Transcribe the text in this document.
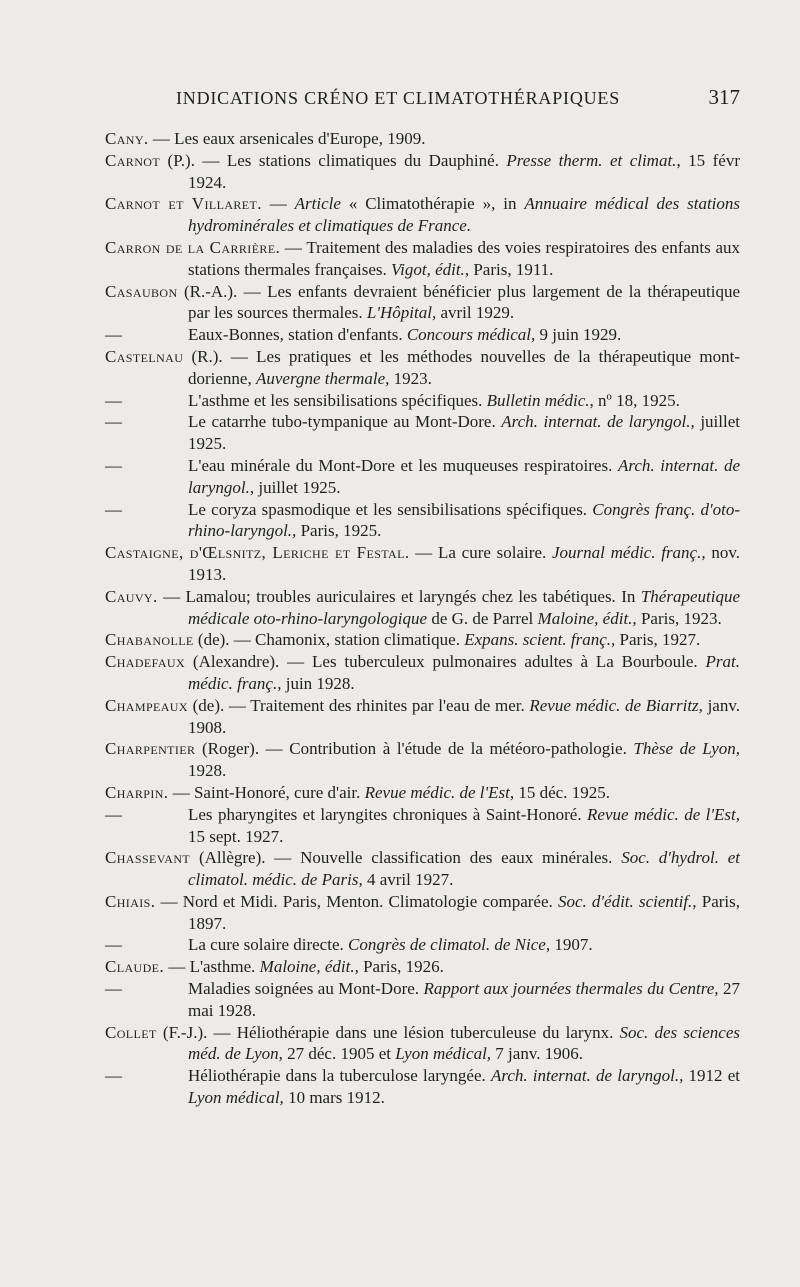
INDICATIONS CRÉNO ET CLIMATOTHÉRAPIQUES	317
Cany. — Les eaux arsenicales d'Europe, 1909.
Carnot (P.). — Les stations climatiques du Dauphiné. Presse therm. et climat., 15 févr 1924.
Carnot et Villaret. — Article « Climatothérapie », in Annuaire médical des stations hydrominérales et climatiques de France.
Carron de la Carrière. — Traitement des maladies des voies respiratoires des enfants aux stations thermales françaises. Vigot, édit., Paris, 1911.
Casaubon (R.-A.). — Les enfants devraient bénéficier plus largement de la thérapeutique par les sources thermales. L'Hôpital, avril 1929.
—	Eaux-Bonnes, station d'enfants. Concours médical, 9 juin 1929.
Castelnau (R.). — Les pratiques et les méthodes nouvelles de la thérapeutique mont-dorienne, Auvergne thermale, 1923.
—	L'asthme et les sensibilisations spécifiques. Bulletin médic., nº 18, 1925.
—	Le catarrhe tubo-tympanique au Mont-Dore. Arch. internat. de laryngol., juillet 1925.
—	L'eau minérale du Mont-Dore et les muqueuses respiratoires. Arch. internat. de laryngol., juillet 1925.
—	Le coryza spasmodique et les sensibilisations spécifiques. Congrès franç. d'oto-rhino-laryngol., Paris, 1925.
Castaigne, d'Œlsnitz, Leriche et Festal. — La cure solaire. Journal médic. franç., nov. 1913.
Cauvy. — Lamalou; troubles auriculaires et laryngés chez les tabétiques. In Thérapeutique médicale oto-rhino-laryngologique de G. de Parrel Maloine, édit., Paris, 1923.
Chabanolle (de). — Chamonix, station climatique. Expans. scient. franç., Paris, 1927.
Chadefaux (Alexandre). — Les tuberculeux pulmonaires adultes à La Bourboule. Prat. médic. franç., juin 1928.
Champeaux (de). — Traitement des rhinites par l'eau de mer. Revue médic. de Biarritz, janv. 1908.
Charpentier (Roger). — Contribution à l'étude de la météoro-pathologie. Thèse de Lyon, 1928.
Charpin. — Saint-Honoré, cure d'air. Revue médic. de l'Est, 15 déc. 1925.
—	Les pharyngites et laryngites chroniques à Saint-Honoré. Revue médic. de l'Est, 15 sept. 1927.
Chassevant (Allègre). — Nouvelle classification des eaux minérales. Soc. d'hydrol. et climatol. médic. de Paris, 4 avril 1927.
Chiais. — Nord et Midi. Paris, Menton. Climatologie comparée. Soc. d'édit. scientif., Paris, 1897.
—	La cure solaire directe. Congrès de climatol. de Nice, 1907.
Claude. — L'asthme. Maloine, édit., Paris, 1926.
—	Maladies soignées au Mont-Dore. Rapport aux journées thermales du Centre, 27 mai 1928.
Collet (F.-J.). — Héliothérapie dans une lésion tuberculeuse du larynx. Soc. des sciences méd. de Lyon, 27 déc. 1905 et Lyon médical, 7 janv. 1906.
—	Héliothérapie dans la tuberculose laryngée. Arch. internat. de laryngol., 1912 et Lyon médical, 10 mars 1912.
